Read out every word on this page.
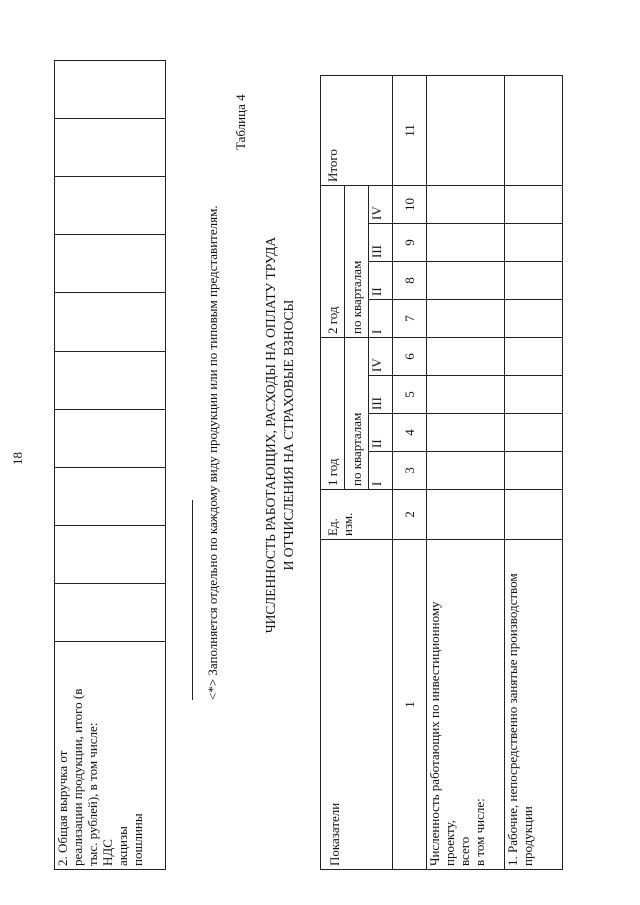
18
2. Общая выручка от
реализации продукции, итого (в
тыс. рублей), в том числе:
НДС
акцизы
пошлины										
<*> Заполняется отдельно по каждому виду продукции или по типовым представителям.
Таблица 4
ЧИСЛЕННОСТЬ РАБОТАЮЩИХ, РАСХОДЫ НА ОПЛАТУ ТРУДА И ОТЧИСЛЕНИЯ НА СТРАХОВЫЕ ВЗНОСЫ
Показатели	Ед. изм.	1 год				2 год				Итого
		по кварталам				по кварталам				
		I	II	III	IV	I	II	III	IV	
1	2	3	4	5	6	7	8	9	10	11
Численность работающих по инвестиционному
проекту,
всего
в том числе:										
1. Рабочие, непосредственно занятые производством
продукции										
